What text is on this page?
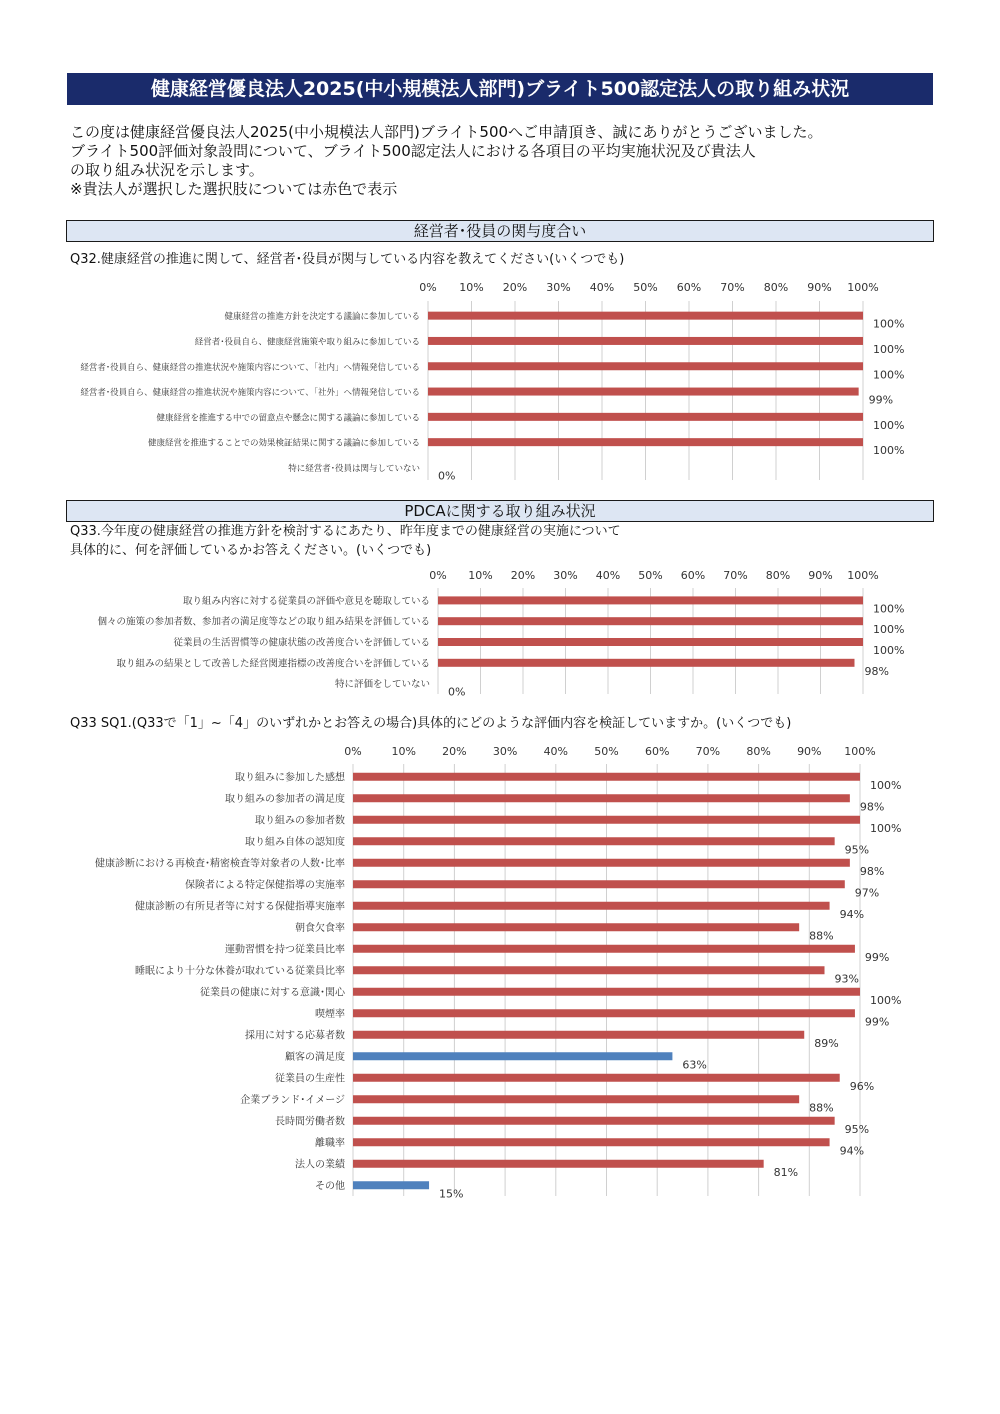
健康経営優良法人2025(中小規模法人部門)ブライト500認定法人の取り組み状況
この度は健康経営優良法人2025(中小規模法人部門)ブライト500へご申請頂き、誠にありがとうございました。
ブライト500評価対象設問について、ブライト500認定法人における各項目の平均実施状況及び貴法人
の取り組み状況を示します。
※貴法人が選択した選択肢については赤色で表示
経営者･役員の関与度合い
Q32.健康経営の推進に関して、経営者･役員が関与している内容を教えてください(いくつでも)
0% 10% 20% 30% 40% 50% 60% 70% 80% 90% 100%
健康経営の推進方針を決定する議論に参加している
100%
経営者･役員自ら、健康経営施策や取り組みに参加している
100%
経営者･役員自ら、健康経営の推進状況や施策内容について、「社内」へ情報発信している
100%
経営者･役員自ら、健康経営の推進状況や施策内容について、「社外」へ情報発信している
99%
健康経営を推進する中での留意点や懸念に関する議論に参加している
100%
健康経営を推進することでの効果検証結果に関する議論に参加している
100%
特に経営者･役員は関与していない
0%
PDCAに関する取り組み状況
Q33.今年度の健康経営の推進方針を検討するにあたり、昨年度までの健康経営の実施について
具体的に、何を評価しているかお答えください。(いくつでも)
0% 10% 20% 30% 40% 50% 60% 70% 80% 90% 100%
取り組み内容に対する従業員の評価や意見を聴取している
100%
個々の施策の参加者数、参加者の満足度等などの取り組み結果を評価している
100%
従業員の生活習慣等の健康状態の改善度合いを評価している
100%
取り組みの結果として改善した経営関連指標の改善度合いを評価している
98%
特に評価をしていない
0%
Q33 SQ1.(Q33で「1」~「4」のいずれかとお答えの場合)具体的にどのような評価内容を検証していますか。(いくつでも)
0%	10% 20% 30% 40% 50% 60% 70% 80% 90% 100%
取り組みに参加した感想
100%
取り組みの参加者の満足度
98%
取り組みの参加者数
100%
取り組み自体の認知度
95%
健康診断における再検査･精密検査等対象者の人数･比率
98%
保険者による特定保健指導の実施率
97%
健康診断の有所見者等に対する保健指導実施率
94%
朝食欠食率
88%
運動習慣を持つ従業員比率
99%
睡眠により十分な休養が取れている従業員比率
93%
従業員の健康に対する意識･関心
100%
喫煙率
99%
採用に対する応募者数
89%
顧客の満足度
63%
従業員の生産性
96%
企業ブランド･イメージ
88%
長時間労働者数
95%
離職率
94%
法人の業績
81%
その他
15%
